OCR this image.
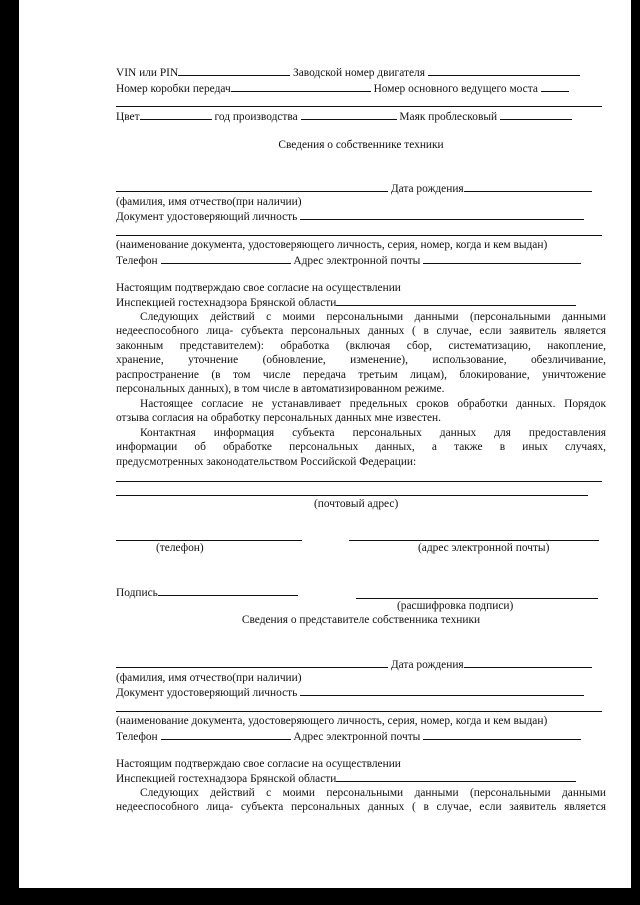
VIN или PIN	Заводской номер двигателя
Номер коробки передач	Номер основного ведущего моста
Цвет	год производства	Маяк проблесковый
Сведения о собственнике техники
Дата рождения
(фамилия, имя отчество(при наличии)
Документ удостоверяющий личность
(наименование документа, удостоверяющего личность, серия, номер, когда и кем выдан)
Телефон	Адрес электронной почты
Настоящим подтверждаю свое согласие на осуществлении
Инспекцией гостехнадзора Брянской области
Следующих действий с моими персональными данными (персональными данными
недееспособного лица- субъекта персональных данных ( в случае, если заявитель является
законным представителем): обработка (включая сбор, систематизацию, накопление,
хранение, уточнение (обновление, изменение), использование, обезличивание,
распространение (в том числе передача третьим лицам), блокирование, уничтожение
персональных данных), в том числе в автоматизированном режиме.
Настоящее согласие не устанавливает предельных сроков обработки данных. Порядок
отзыва согласия на обработку персональных данных мне известен.
Контактная информация субъекта персональных данных для предоставления
информации об обработке персональных данных, а также в иных случаях,
предусмотренных законодательством Российской Федерации:
(почтовый адрес)
(телефон)	(адрес электронной почты)
Подпись
(расшифровка подписи)
Сведения о представителе собственника техники
Дата рождения
(фамилия, имя отчество(при наличии)
Документ удостоверяющий личность
(наименование документа, удостоверяющего личность, серия, номер, когда и кем выдан)
Телефон	Адрес электронной почты
Настоящим подтверждаю свое согласие на осуществлении
Инспекцией гостехнадзора Брянской области
Следующих действий с моими персональными данными (персональными данными
недееспособного лица- субъекта персональных данных ( в случае, если заявитель является
